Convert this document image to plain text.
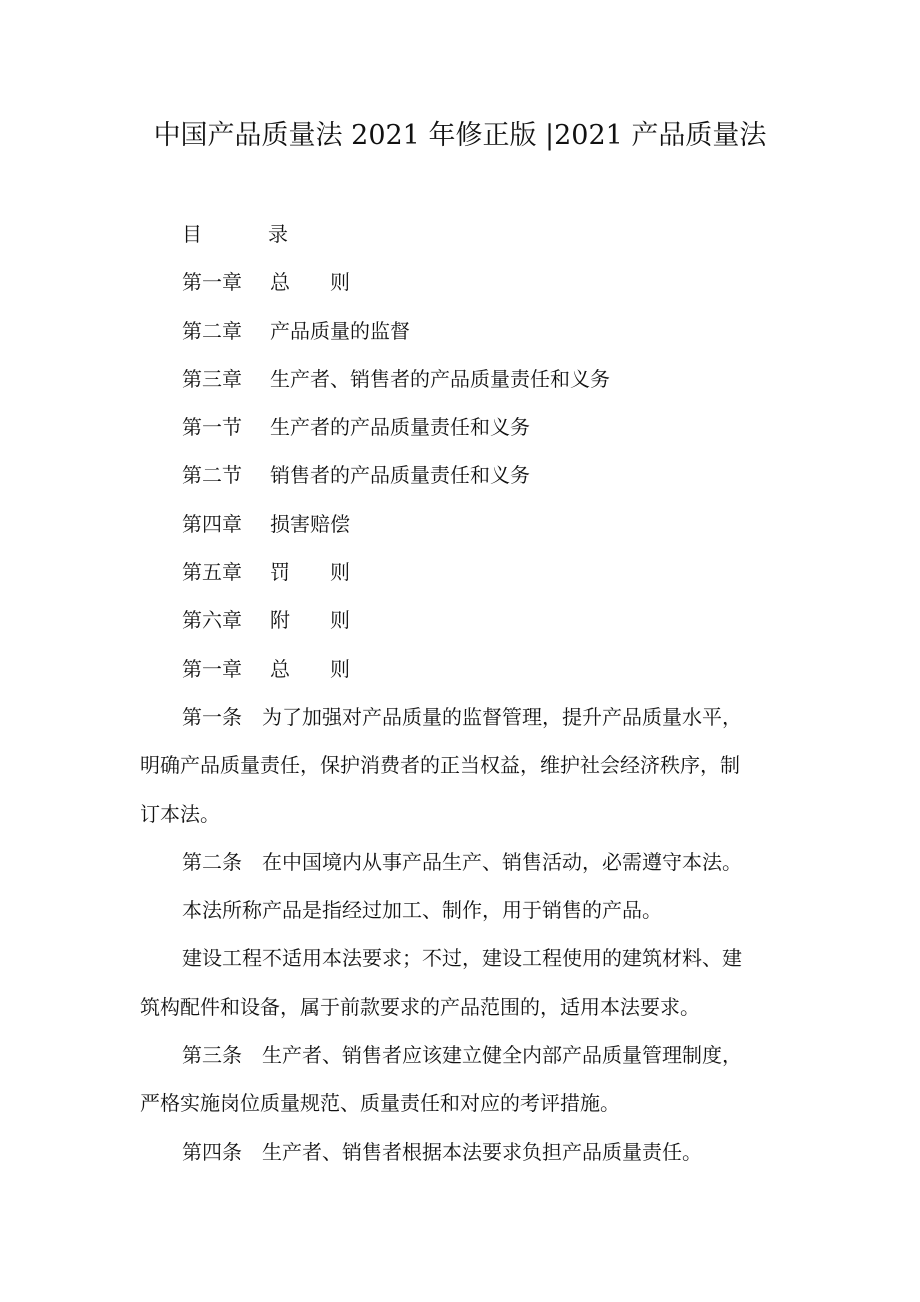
中国产品质量法 2021 年修正版 |2021 产品质量法
目	录
第一章 总　　则
第二章 产品质量的监督
第三章 生产者、销售者的产品质量责任和义务
第一节 生产者的产品质量责任和义务
第二节 销售者的产品质量责任和义务
第四章 损害赔偿
第五章 罚　　则
第六章 附　　则
第一章 总　　则
第一条　为了加强对产品质量的监督管理，提升产品质量水平，
明确产品质量责任，保护消费者的正当权益，维护社会经济秩序，制
订本法。
第二条　在中国境内从事产品生产、销售活动，必需遵守本法。
本法所称产品是指经过加工、制作，用于销售的产品。
建设工程不适用本法要求；不过，建设工程使用的建筑材料、建
筑构配件和设备，属于前款要求的产品范围的，适用本法要求。
第三条　生产者、销售者应该建立健全内部产品质量管理制度，
严格实施岗位质量规范、质量责任和对应的考评措施。
第四条　生产者、销售者根据本法要求负担产品质量责任。
